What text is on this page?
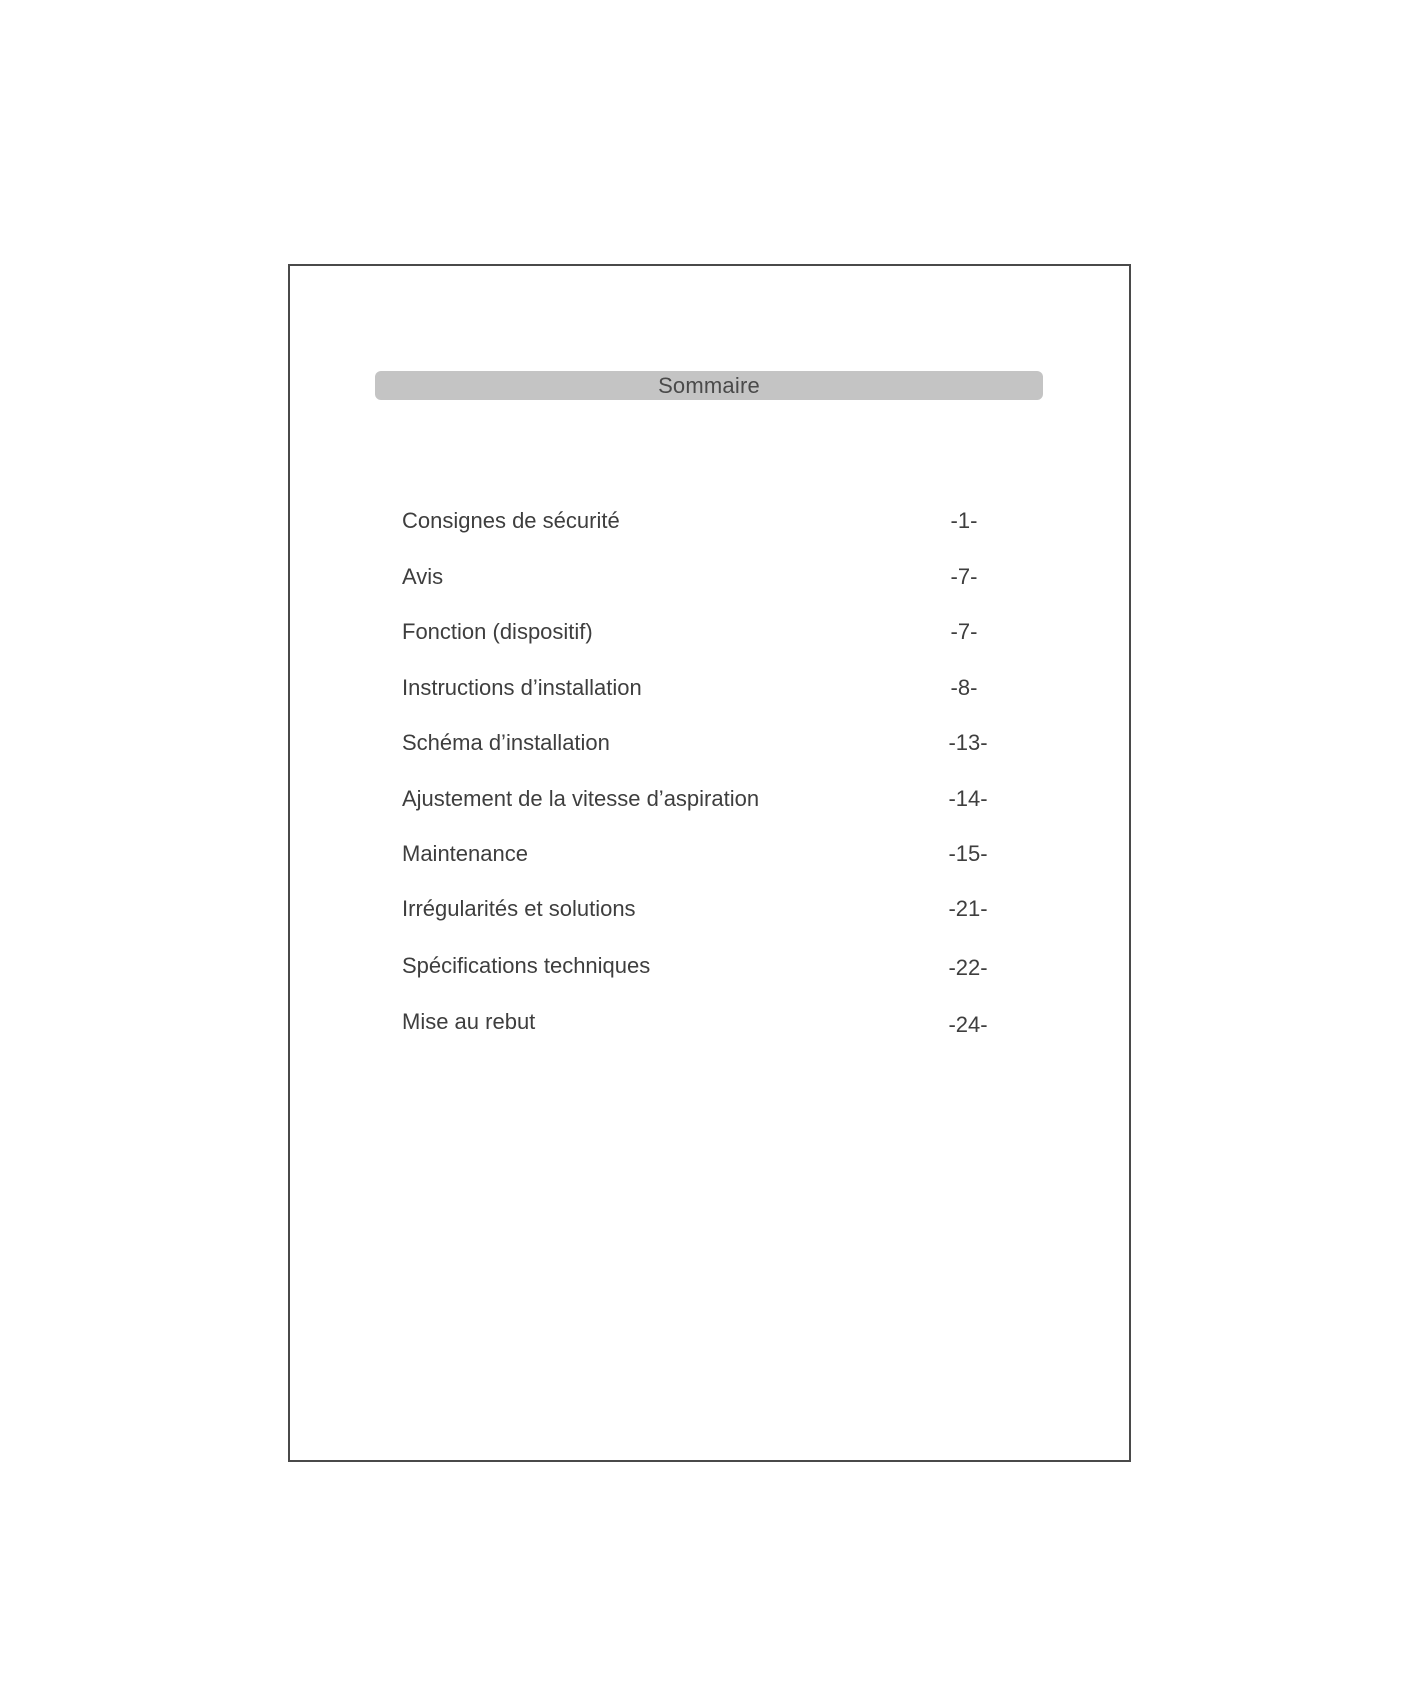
Sommaire
Consignes de sécurité	-1-
Avis	-7-
Fonction (dispositif)	-7-
Instructions d’installation	-8-
Schéma d’installation	-13-
Ajustement de la vitesse d’aspiration	-14-
Maintenance	-15-
Irrégularités et solutions	-21-
Spécifications techniques	-22-
Mise au rebut	-24-
